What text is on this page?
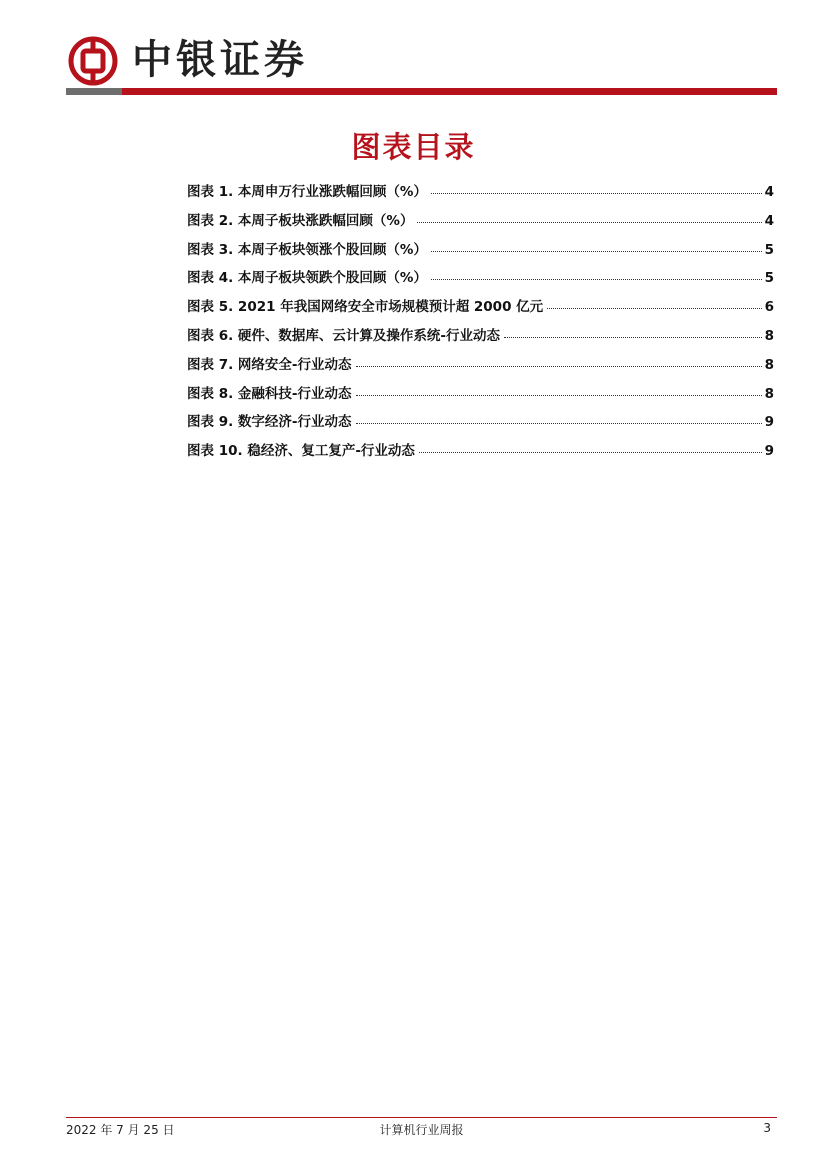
中银证券
图表目录
图表 1. 本周申万行业涨跌幅回顾（%）	4
图表 2. 本周子板块涨跌幅回顾（%）	4
图表 3. 本周子板块领涨个股回顾（%）	5
图表 4. 本周子板块领跌个股回顾（%）	5
图表 5. 2021 年我国网络安全市场规模预计超 2000 亿元	6
图表 6. 硬件、数据库、云计算及操作系统-行业动态	8
图表 7. 网络安全-行业动态	8
图表 8. 金融科技-行业动态	8
图表 9. 数字经济-行业动态	9
图表 10. 稳经济、复工复产-行业动态	9
2022 年 7 月 25 日	计算机行业周报	3
